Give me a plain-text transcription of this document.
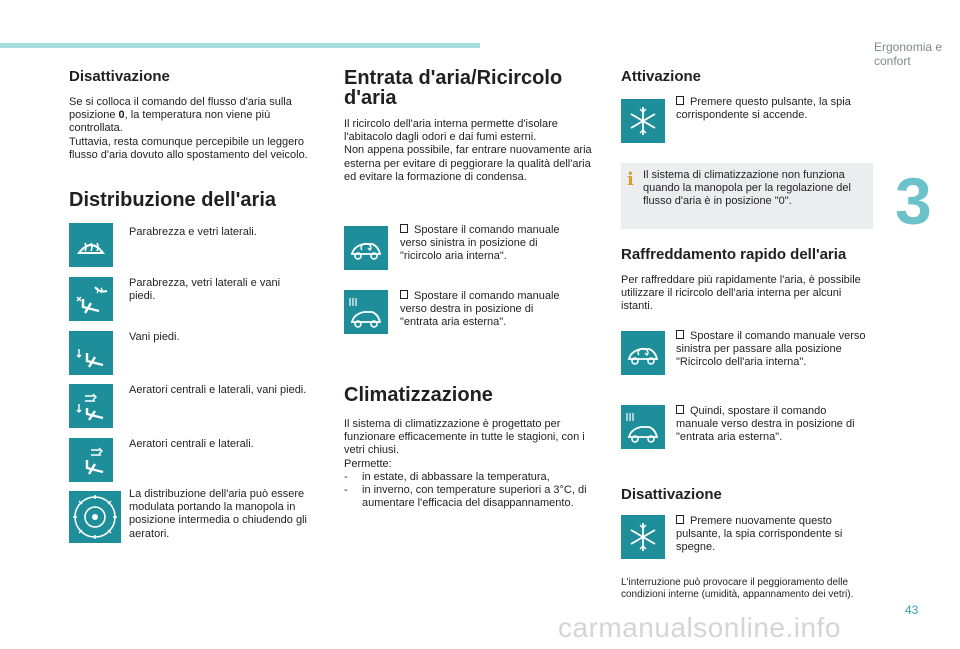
Ergonomia e confort
3
43
carmanualsonline.info
Disattivazione
Se si colloca il comando del flusso d'aria sulla posizione 0, la temperatura non viene più controllata.
Tuttavia, resta comunque percepibile un leggero flusso d'aria dovuto allo spostamento del veicolo.
Distribuzione dell'aria
Parabrezza e vetri laterali.
Parabrezza, vetri laterali e vani piedi.
Vani piedi.
Aeratori centrali e laterali, vani piedi.
Aeratori centrali e laterali.
La distribuzione dell'aria può essere modulata portando la manopola in posizione intermedia o chiudendo gli aeratori.
Entrata d'aria/Ricircolo d'aria
Il ricircolo dell'aria interna permette d'isolare l'abitacolo dagli odori e dai fumi esterni.
Non appena possibile, far entrare nuovamente aria esterna per evitare di peggiorare la qualità dell'aria ed evitare la formazione di condensa.
Spostare il comando manuale verso sinistra in posizione di "ricircolo aria interna".
Spostare il comando manuale verso destra in posizione di "entrata aria esterna".
Climatizzazione
Il sistema di climatizzazione è progettato per funzionare efficacemente in tutte le stagioni, con i vetri chiusi.
Permette:
-	in estate, di abbassare la temperatura,
-	in inverno, con temperature superiori a 3°C, di aumentare l'efficacia del disappannamento.
Attivazione
Premere questo pulsante, la spia corrispondente si accende.
i Il sistema di climatizzazione non funziona quando la manopola per la regolazione del flusso d'aria è in posizione "0".
Raffreddamento rapido dell'aria
Per raffreddare più rapidamente l'aria, è possibile utilizzare il ricircolo dell'aria interna per alcuni istanti.
Spostare il comando manuale verso sinistra per passare alla posizione "Ricircolo dell'aria interna".
Quindi, spostare il comando manuale verso destra in posizione di "entrata aria esterna".
Disattivazione
Premere nuovamente questo pulsante, la spia corrispondente si spegne.
L'interruzione può provocare il peggioramento delle condizioni interne (umidità, appannamento dei vetri).
